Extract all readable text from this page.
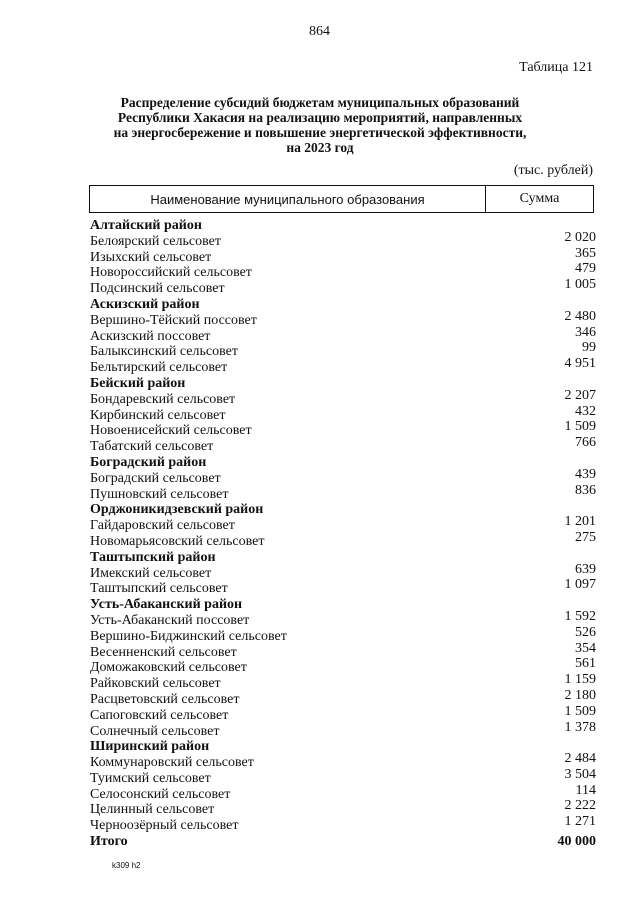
864
Таблица 121
Распределение субсидий бюджетам муниципальных образований
Республики Хакасия на реализацию мероприятий, направленных
на энергосбережение и повышение энергетической эффективности,
на 2023 год
(тыс. рублей)
Наименование муниципального образования	Сумма
Алтайский район
Белоярский сельсовет	2 020
Изыхский сельсовет	365
Новороссийский сельсовет	479
Подсинский сельсовет	1 005
Аскизский район
Вершино-Тёйский поссовет	2 480
Аскизский поссовет	346
Балыксинский сельсовет	99
Бельтирский сельсовет	4 951
Бейский район
Бондаревский сельсовет	2 207
Кирбинский сельсовет	432
Новоенисейский сельсовет	1 509
Табатский сельсовет	766
Боградский район
Боградский сельсовет	439
Пушновский сельсовет	836
Орджоникидзевский район
Гайдаровский сельсовет	1 201
Новомарьясовский сельсовет	275
Таштыпский район
Имекский сельсовет	639
Таштыпский сельсовет	1 097
Усть-Абаканский район
Усть-Абаканский поссовет	1 592
Вершино-Биджинский сельсовет	526
Весенненский сельсовет	354
Доможаковский сельсовет	561
Райковский сельсовет	1 159
Расцветовский сельсовет	2 180
Сапоговский сельсовет	1 509
Солнечный сельсовет	1 378
Ширинский район
Коммунаровский сельсовет	2 484
Туимский сельсовет	3 504
Селосонский сельсовет	114
Целинный сельсовет	2 222
Черноозёрный сельсовет	1 271
Итого	40 000
k309 h2
